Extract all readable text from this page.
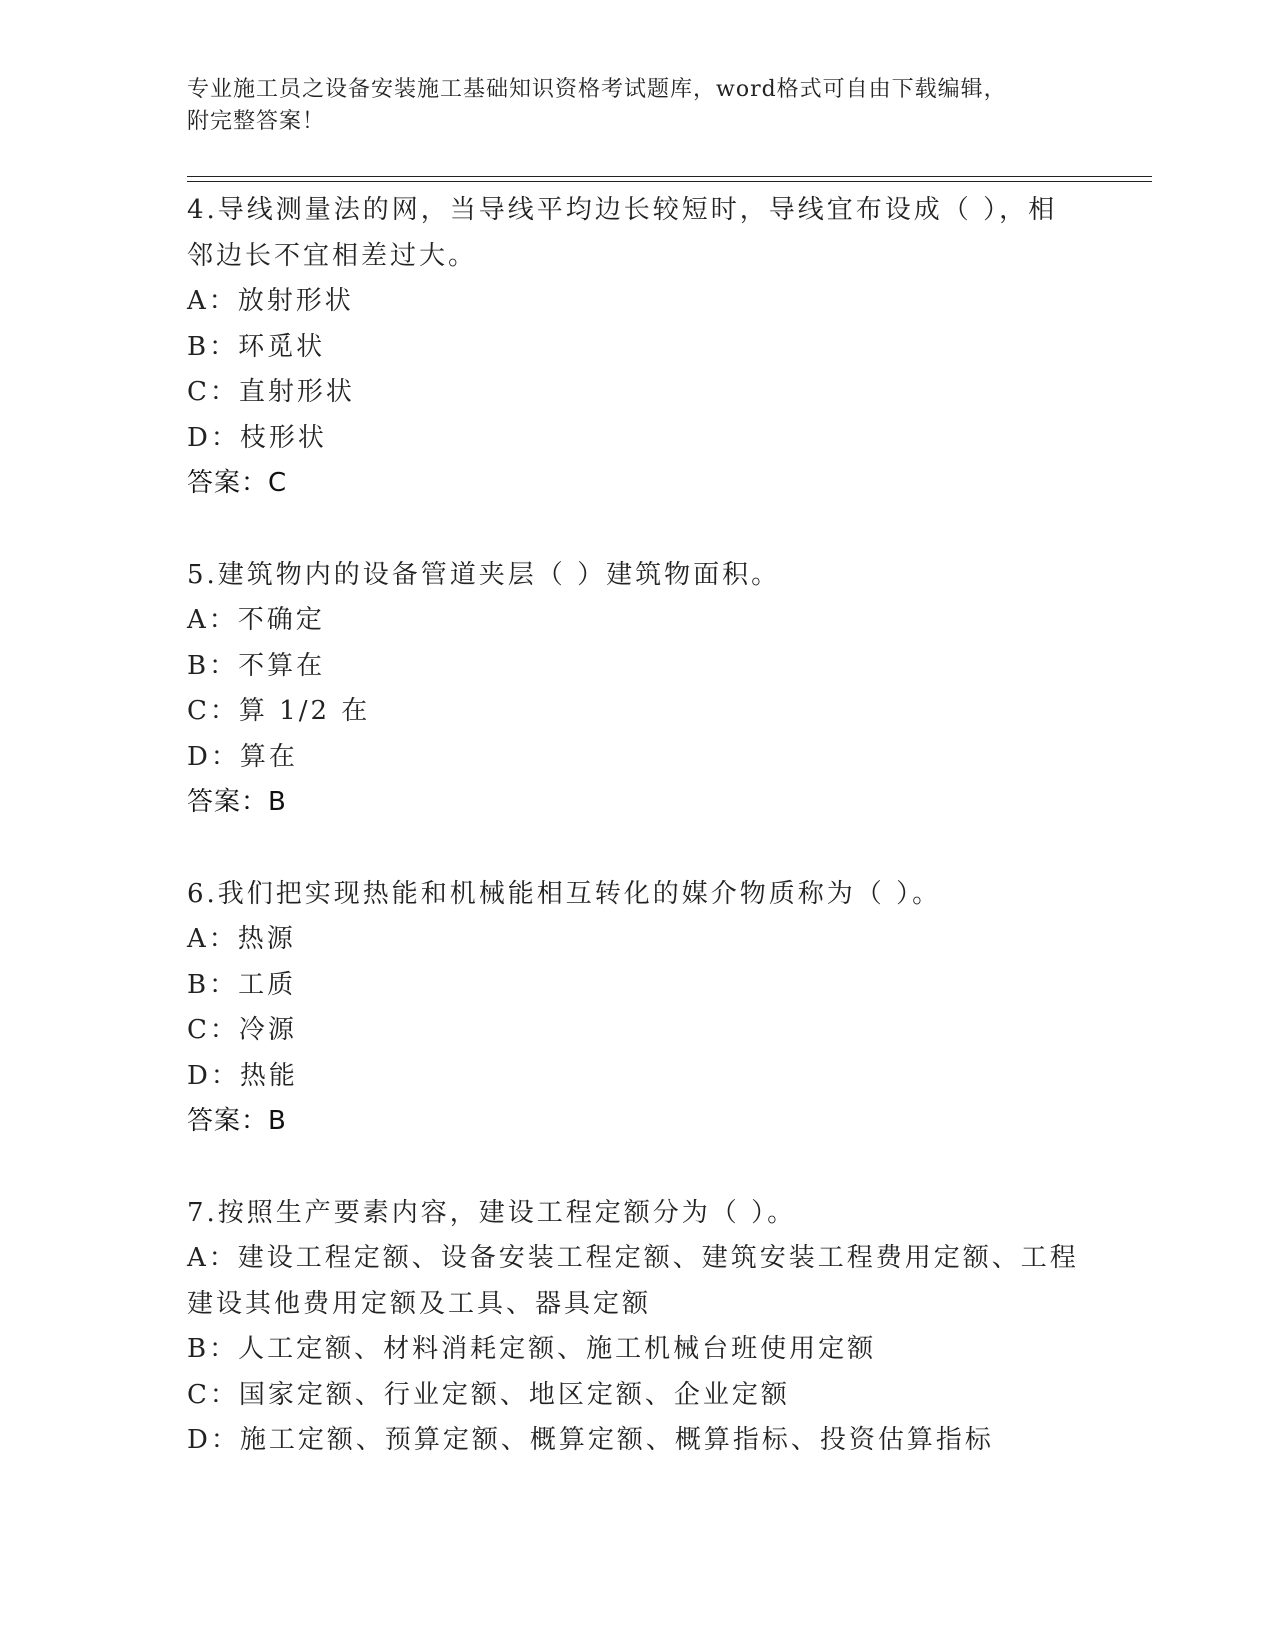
专业施工员之设备安装施工基础知识资格考试题库，word格式可自由下载编辑，
附完整答案！
4.导线测量法的网，当导线平均边长较短时，导线宜布设成（ ），相
邻边长不宜相差过大。
A：放射形状
B：环觅状
C：直射形状
D：枝形状
答案：C
5.建筑物内的设备管道夹层（ ）建筑物面积。
A：不确定
B：不算在
C：算 1/2 在
D：算在
答案：B
6.我们把实现热能和机械能相互转化的媒介物质称为（ ）。
A：热源
B：工质
C：冷源
D：热能
答案：B
7.按照生产要素内容，建设工程定额分为（ ）。
A：建设工程定额、设备安装工程定额、建筑安装工程费用定额、工程
建设其他费用定额及工具、器具定额
B：人工定额、材料消耗定额、施工机械台班使用定额
C：国家定额、行业定额、地区定额、企业定额
D：施工定额、预算定额、概算定额、概算指标、投资估算指标
